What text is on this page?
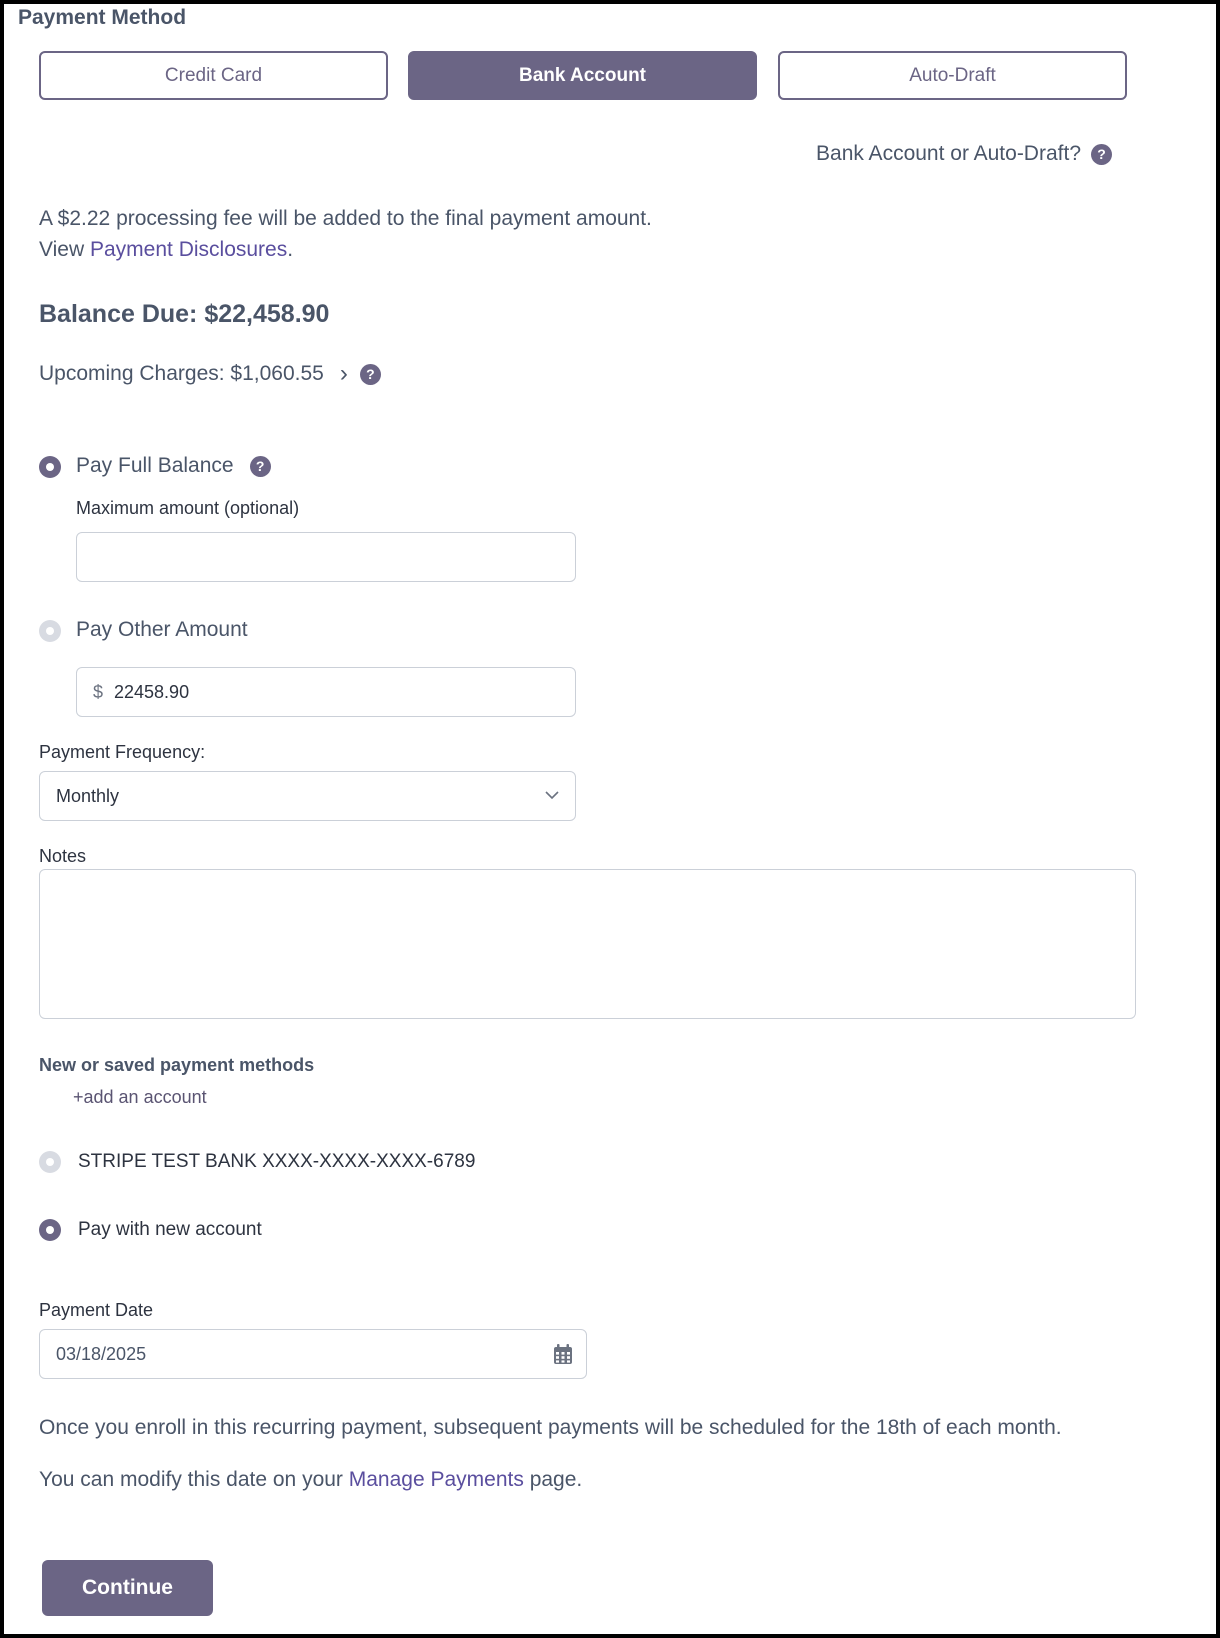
Payment Method
Credit Card	Bank Account	Auto-Draft
Bank Account or Auto-Draft?	?
A $2.22 processing fee will be added to the final payment amount.
View Payment Disclosures.
Balance Due: $22,458.90
Upcoming Charges: $1,060.55 ›	?
Pay Full Balance	?
Maximum amount (optional)
Pay Other Amount
$ 22458.90
Payment Frequency:
Monthly
Notes
New or saved payment methods
+add an account
STRIPE TEST BANK XXXX-XXXX-XXXX-6789
Pay with new account
Payment Date
03/18/2025
Once you enroll in this recurring payment, subsequent payments will be scheduled for the 18th of each month.
You can modify this date on your Manage Payments page.
Continue
